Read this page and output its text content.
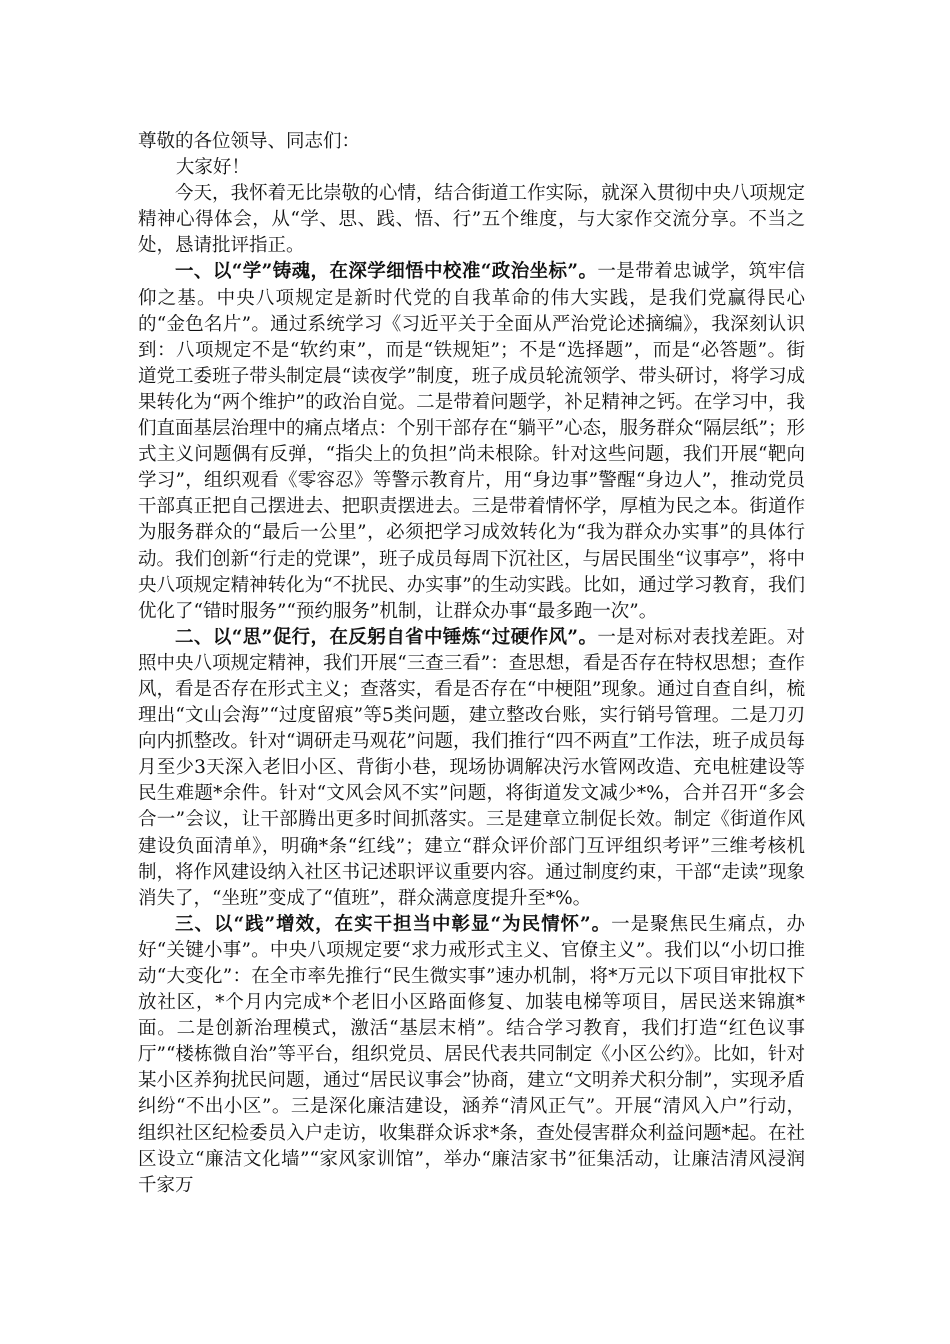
尊敬的各位领导、同志们：

大家好！

今天，我怀着无比崇敬的心情，结合街道工作实际，就深入贯彻中央八项规定精神心得体会，从“学、思、践、悟、行”五个维度，与大家作交流分享。不当之处，恳请批评指正。

一、以“学”铸魂，在深学细悟中校准“政治坐标”。一是带着忠诚学，筑牢信仰之基。中央八项规定是新时代党的自我革命的伟大实践，是我们党赢得民心的“金色名片”。通过系统学习《习近平关于全面从严治党论述摘编》，我深刻认识到：八项规定不是“软约束”，而是“铁规矩”；不是“选择题”，而是“必答题”。街道党工委班子带头制定晨“读夜学”制度，班子成员轮流领学、带头研讨，将学习成果转化为“两个维护”的政治自觉。二是带着问题学，补足精神之钙。在学习中，我们直面基层治理中的痛点堵点：个别干部存在“躺平”心态，服务群众“隔层纸”；形式主义问题偶有反弹，“指尖上的负担”尚未根除。针对这些问题，我们开展“靶向学习”，组织观看《零容忍》等警示教育片，用“身边事”警醒“身边人”，推动党员干部真正把自己摆进去、把职责摆进去。三是带着情怀学，厚植为民之本。街道作为服务群众的“最后一公里”，必须把学习成效转化为“我为群众办实事”的具体行动。我们创新“行走的党课”，班子成员每周下沉社区，与居民围坐“议事亭”，将中央八项规定精神转化为“不扰民、办实事”的生动实践。比如，通过学习教育，我们优化了“错时服务”“预约服务”机制，让群众办事“最多跑一次”。

二、以“思”促行，在反躬自省中锤炼“过硬作风”。一是对标对表找差距。对照中央八项规定精神，我们开展“三查三看”：查思想，看是否存在特权思想；查作风，看是否存在形式主义；查落实，看是否存在“中梗阻”现象。通过自查自纠，梳理出“文山会海”“过度留痕”等5类问题，建立整改台账，实行销号管理。二是刀刃向内抓整改。针对“调研走马观花”问题，我们推行“四不两直”工作法，班子成员每月至少3天深入老旧小区、背街小巷，现场协调解决污水管网改造、充电桩建设等民生难题*余件。针对“文风会风不实”问题，将街道发文减少*%，合并召开“多会合一”会议，让干部腾出更多时间抓落实。三是建章立制促长效。制定《街道作风建设负面清单》，明确*条“红线”；建立“群众评价部门互评组织考评”三维考核机制，将作风建设纳入社区书记述职评议重要内容。通过制度约束，干部“走读”现象消失了，“坐班”变成了“值班”，群众满意度提升至*%。

三、以“践”增效，在实干担当中彰显“为民情怀”。一是聚焦民生痛点，办好“关键小事”。中央八项规定要“求力戒形式主义、官僚主义”。我们以“小切口推动“大变化”：在全市率先推行“民生微实事”速办机制，将*万元以下项目审批权下放社区，*个月内完成*个老旧小区路面修复、加装电梯等项目，居民送来锦旗*面。二是创新治理模式，激活“基层末梢”。结合学习教育，我们打造“红色议事厅”“楼栋微自治”等平台，组织党员、居民代表共同制定《小区公约》。比如，针对某小区养狗扰民问题，通过“居民议事会”协商，建立“文明养犬积分制”，实现矛盾纠纷“不出小区”。三是深化廉洁建设，涵养“清风正气”。开展“清风入户”行动，组织社区纪检委员入户走访，收集群众诉求*条，查处侵害群众利益问题*起。在社区设立“廉洁文化墙”“家风家训馆”，举办“廉洁家书”征集活动，让廉洁清风浸润千家万
